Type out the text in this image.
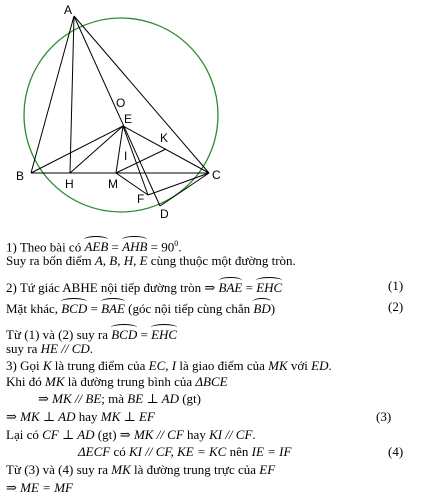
A
O
E
K
I
B
H	M
C
F
D
1) Theo bài có AEB = AHB = $90^0$.
Suy ra bốn điểm A, B, H, E cùng thuộc một đường tròn.
2) Tứ giác ABHE nội tiếp đường tròn ⇒ BAE = EHC	(1)
Mặt khác, BCD = BAE (góc nội tiếp cùng chắn BD)	(2)
Từ (1) và (2) suy ra BCD = EHC
suy ra HE // CD.
3) Gọi K là trung điểm của EC, I là giao điểm của MK với ED.
Khi đó MK là đường trung bình của ΔBCE
⇒ MK // BE; mà BE ⊥ AD (gt)
⇒ MK ⊥ AD hay MK ⊥ EF	(3)
Lại có CF ⊥ AD (gt) ⇒ MK // CF hay KI // CF.
ΔECF có KI // CF, KE = KC nên IE = IF	(4)
Từ (3) và (4) suy ra MK là đường trung trực của EF
⇒ ME = MF
